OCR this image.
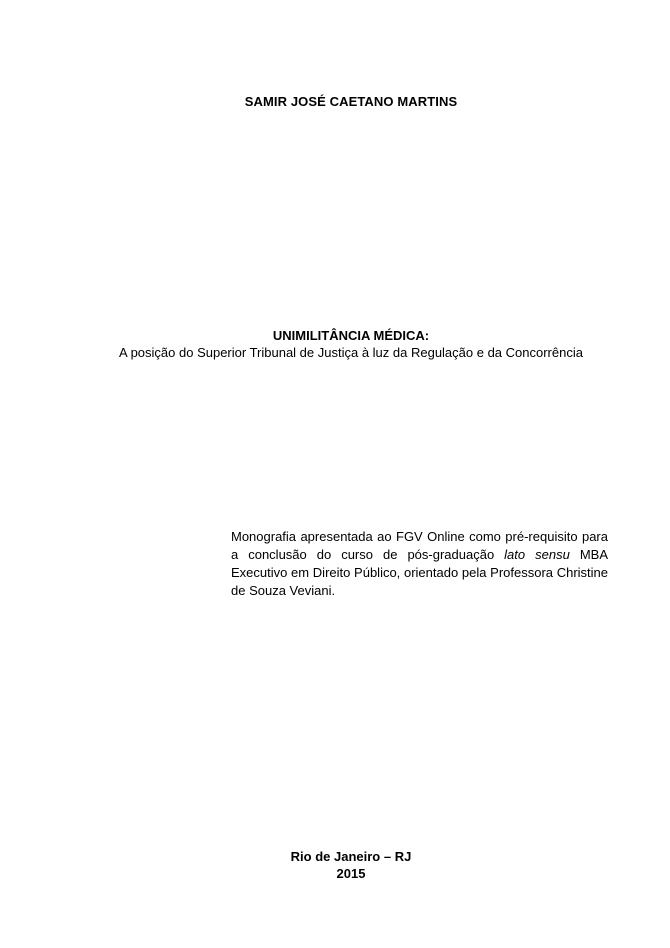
SAMIR JOSÉ CAETANO MARTINS
UNIMILITÂNCIA MÉDICA:
A posição do Superior Tribunal de Justiça à luz da Regulação e da Concorrência
Monografia apresentada ao FGV Online como pré-requisito para a conclusão do curso de pós-graduação lato sensu MBA Executivo em Direito Público, orientado pela Professora Christine de Souza Veviani.
Rio de Janeiro – RJ
2015
